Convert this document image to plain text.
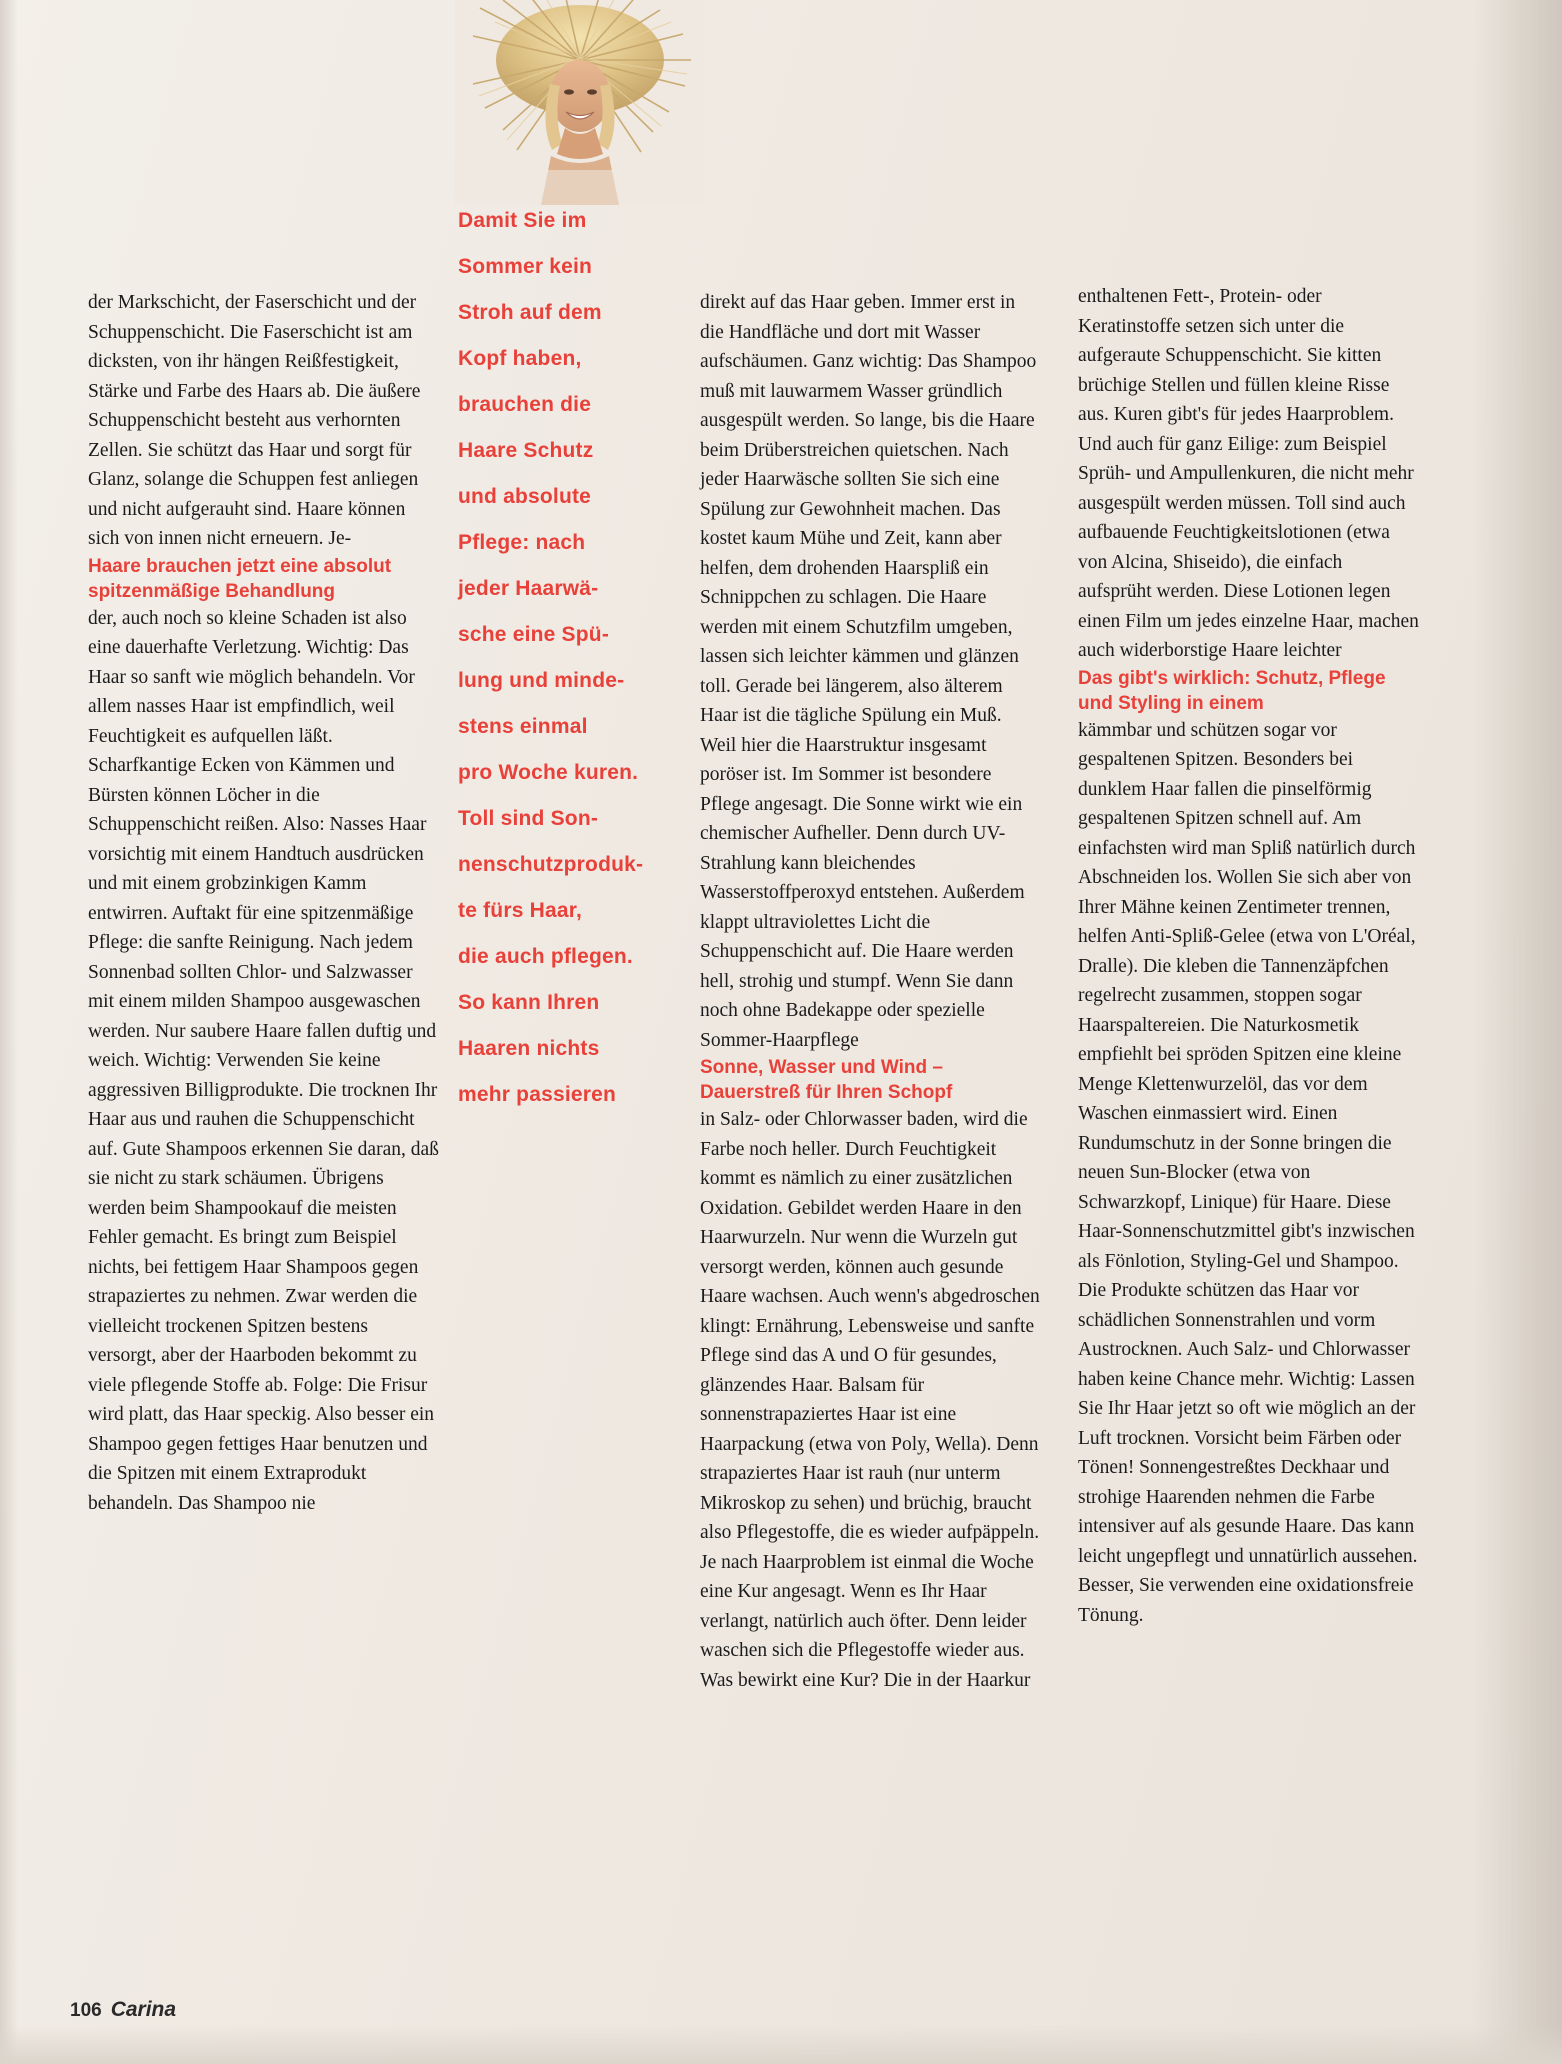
Damit Sie im
Sommer kein
Stroh auf dem
Kopf haben,
brauchen die
Haare Schutz
und absolute
Pflege: nach
jeder Haarwä-
sche eine Spü-
lung und minde-
stens einmal
pro Woche kuren.
Toll sind Son-
nenschutzproduk-
te fürs Haar,
die auch pflegen.
So kann Ihren
Haaren nichts
mehr passieren

der Markschicht, der Faserschicht und der Schuppenschicht. Die Faserschicht ist am dicksten, von ihr hängen Reißfestigkeit, Stärke und Farbe des Haars ab. Die äußere Schuppenschicht besteht aus verhornten Zellen. Sie schützt das Haar und sorgt für Glanz, solange die Schuppen fest anliegen und nicht aufgerauht sind. Haare können sich von innen nicht erneuern. Je-

Haare brauchen jetzt eine absolut spitzenmäßige Behandlung

der, auch noch so kleine Schaden ist also eine dauerhafte Verletzung. Wichtig: Das Haar so sanft wie möglich behandeln. Vor allem nasses Haar ist empfindlich, weil Feuchtigkeit es aufquellen läßt. Scharfkantige Ecken von Kämmen und Bürsten können Löcher in die Schuppenschicht reißen. Also: Nasses Haar vorsichtig mit einem Handtuch ausdrücken und mit einem grobzinkigen Kamm entwirren. Auftakt für eine spitzenmäßige Pflege: die sanfte Reinigung. Nach jedem Sonnenbad sollten Chlor- und Salzwasser mit einem milden Shampoo ausgewaschen werden. Nur saubere Haare fallen duftig und weich. Wichtig: Verwenden Sie keine aggressiven Billigprodukte. Die trocknen Ihr Haar aus und rauhen die Schuppenschicht auf. Gute Shampoos erkennen Sie daran, daß sie nicht zu stark schäumen. Übrigens werden beim Shampookauf die meisten Fehler gemacht. Es bringt zum Beispiel nichts, bei fettigem Haar Shampoos gegen strapaziertes zu nehmen. Zwar werden die vielleicht trockenen Spitzen bestens versorgt, aber der Haarboden bekommt zu viele pflegende Stoffe ab. Folge: Die Frisur wird platt, das Haar speckig. Also besser ein Shampoo gegen fettiges Haar benutzen und die Spitzen mit einem Extraprodukt behandeln. Das Shampoo nie

direkt auf das Haar geben. Immer erst in die Handfläche und dort mit Wasser aufschäumen. Ganz wichtig: Das Shampoo muß mit lauwarmem Wasser gründlich ausgespült werden. So lange, bis die Haare beim Drüberstreichen quietschen. Nach jeder Haarwäsche sollten Sie sich eine Spülung zur Gewohnheit machen. Das kostet kaum Mühe und Zeit, kann aber helfen, dem drohenden Haarspliß ein Schnippchen zu schlagen. Die Haare werden mit einem Schutzfilm umgeben, lassen sich leichter kämmen und glänzen toll. Gerade bei längerem, also älterem Haar ist die tägliche Spülung ein Muß. Weil hier die Haarstruktur insgesamt poröser ist. Im Sommer ist besondere Pflege angesagt. Die Sonne wirkt wie ein chemischer Aufheller. Denn durch UV-Strahlung kann bleichendes Wasserstoffperoxyd entstehen. Außerdem klappt ultraviolettes Licht die Schuppenschicht auf. Die Haare werden hell, strohig und stumpf. Wenn Sie dann noch ohne Badekappe oder spezielle Sommer-Haarpflege

Sonne, Wasser und Wind – Dauerstreß für Ihren Schopf

in Salz- oder Chlorwasser baden, wird die Farbe noch heller. Durch Feuchtigkeit kommt es nämlich zu einer zusätzlichen Oxidation. Gebildet werden Haare in den Haarwurzeln. Nur wenn die Wurzeln gut versorgt werden, können auch gesunde Haare wachsen. Auch wenn's abgedroschen klingt: Ernährung, Lebensweise und sanfte Pflege sind das A und O für gesundes, glänzendes Haar. Balsam für sonnenstrapaziertes Haar ist eine Haarpackung (etwa von Poly, Wella). Denn strapaziertes Haar ist rauh (nur unterm Mikroskop zu sehen) und brüchig, braucht also Pflegestoffe, die es wieder aufpäppeln. Je nach Haarproblem ist einmal die Woche eine Kur angesagt. Wenn es Ihr Haar verlangt, natürlich auch öfter. Denn leider waschen sich die Pflegestoffe wieder aus. Was bewirkt eine Kur? Die in der Haarkur

enthaltenen Fett-, Protein- oder Keratinstoffe setzen sich unter die aufgeraute Schuppenschicht. Sie kitten brüchige Stellen und füllen kleine Risse aus. Kuren gibt's für jedes Haarproblem. Und auch für ganz Eilige: zum Beispiel Sprüh- und Ampullenkuren, die nicht mehr ausgespült werden müssen. Toll sind auch aufbauende Feuchtigkeitslotionen (etwa von Alcina, Shiseido), die einfach aufsprüht werden. Diese Lotionen legen einen Film um jedes einzelne Haar, machen auch widerborstige Haare leichter

Das gibt's wirklich: Schutz, Pflege und Styling in einem

kämmbar und schützen sogar vor gespaltenen Spitzen. Besonders bei dunklem Haar fallen die pinselförmig gespaltenen Spitzen schnell auf. Am einfachsten wird man Spliß natürlich durch Abschneiden los. Wollen Sie sich aber von Ihrer Mähne keinen Zentimeter trennen, helfen Anti-Spliß-Gelee (etwa von L'Oréal, Dralle). Die kleben die Tannenzäpfchen regelrecht zusammen, stoppen sogar Haarspaltereien. Die Naturkosmetik empfiehlt bei spröden Spitzen eine kleine Menge Klettenwurzelöl, das vor dem Waschen einmassiert wird. Einen Rundumschutz in der Sonne bringen die neuen Sun-Blocker (etwa von Schwarzkopf, Linique) für Haare. Diese Haar-Sonnenschutzmittel gibt's inzwischen als Fönlotion, Styling-Gel und Shampoo. Die Produkte schützen das Haar vor schädlichen Sonnenstrahlen und vorm Austrocknen. Auch Salz- und Chlorwasser haben keine Chance mehr. Wichtig: Lassen Sie Ihr Haar jetzt so oft wie möglich an der Luft trocknen. Vorsicht beim Färben oder Tönen! Sonnengestreßtes Deckhaar und strohige Haarenden nehmen die Farbe intensiver auf als gesunde Haare. Das kann leicht ungepflegt und unnatürlich aussehen. Besser, Sie verwenden eine oxidationsfreie Tönung.

106 Carina
